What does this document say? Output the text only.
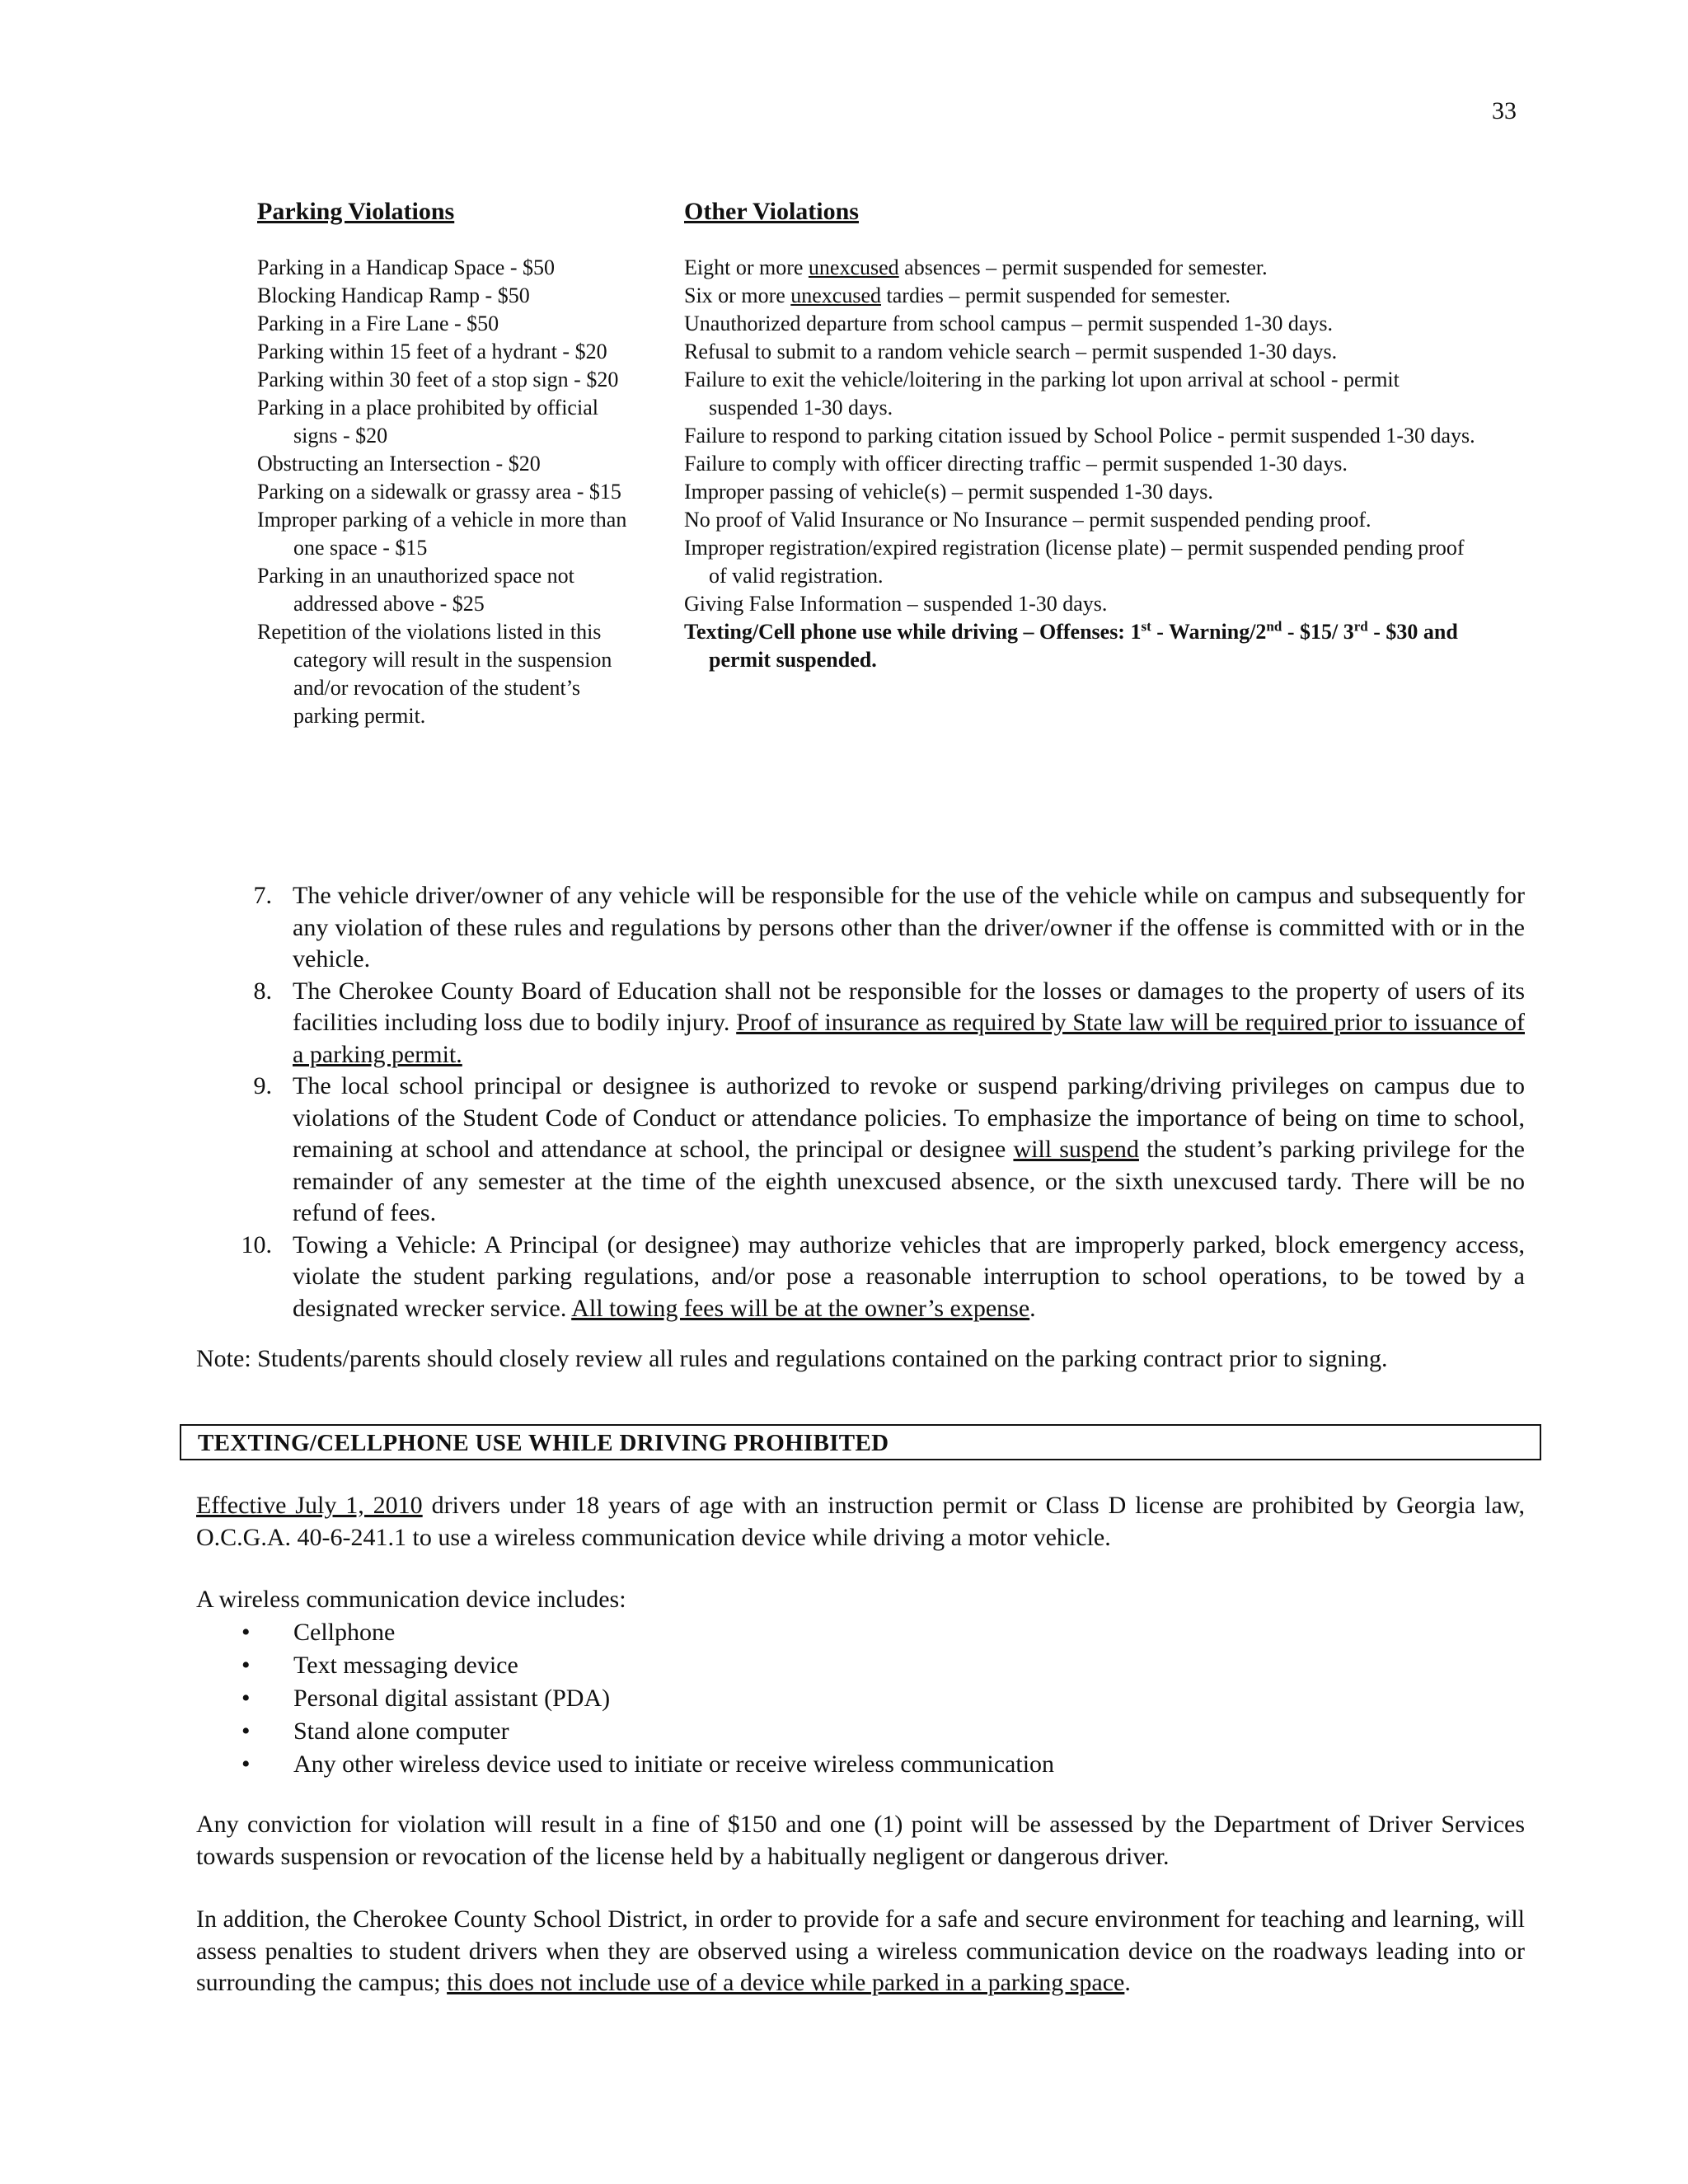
33
Parking Violations
Parking in a Handicap Space - $50
Blocking Handicap Ramp - $50
Parking in a Fire Lane - $50
Parking within 15 feet of a hydrant - $20
Parking within 30 feet of a stop sign - $20
Parking in a place prohibited by official signs - $20
Obstructing an Intersection - $20
Parking on a sidewalk or grassy area - $15
Improper parking of a vehicle in more than one space - $15
Parking in an unauthorized space not addressed above - $25
Repetition of the violations listed in this category will result in the suspension and/or revocation of the student’s parking permit.
Other Violations
Eight or more unexcused absences – permit suspended for semester.
Six or more unexcused tardies – permit suspended for semester.
Unauthorized departure from school campus – permit suspended 1-30 days.
Refusal to submit to a random vehicle search – permit suspended 1-30 days.
Failure to exit the vehicle/loitering in the parking lot upon arrival at school - permit suspended 1-30 days.
Failure to respond to parking citation issued by School Police - permit suspended 1-30 days.
Failure to comply with officer directing traffic – permit suspended 1-30 days.
Improper passing of vehicle(s) – permit suspended 1-30 days.
No proof of Valid Insurance or No Insurance – permit suspended pending proof.
Improper registration/expired registration (license plate) – permit suspended pending proof of valid registration.
Giving False Information – suspended 1-30 days.
Texting/Cell phone use while driving – Offenses: 1st - Warning/2nd - $15/ 3rd - $30 and permit suspended.
7. The vehicle driver/owner of any vehicle will be responsible for the use of the vehicle while on campus and subsequently for any violation of these rules and regulations by persons other than the driver/owner if the offense is committed with or in the vehicle.
8. The Cherokee County Board of Education shall not be responsible for the losses or damages to the property of users of its facilities including loss due to bodily injury. Proof of insurance as required by State law will be required prior to issuance of a parking permit.
9. The local school principal or designee is authorized to revoke or suspend parking/driving privileges on campus due to violations of the Student Code of Conduct or attendance policies. To emphasize the importance of being on time to school, remaining at school and attendance at school, the principal or designee will suspend the student’s parking privilege for the remainder of any semester at the time of the eighth unexcused absence, or the sixth unexcused tardy. There will be no refund of fees.
10. Towing a Vehicle: A Principal (or designee) may authorize vehicles that are improperly parked, block emergency access, violate the student parking regulations, and/or pose a reasonable interruption to school operations, to be towed by a designated wrecker service. All towing fees will be at the owner’s expense.
Note: Students/parents should closely review all rules and regulations contained on the parking contract prior to signing.
TEXTING/CELLPHONE USE WHILE DRIVING PROHIBITED

Effective July 1, 2010 drivers under 18 years of age with an instruction permit or Class D license are prohibited by Georgia law, O.C.G.A. 40-6-241.1 to use a wireless communication device while driving a motor vehicle.

A wireless communication device includes:

• Cellphone
• Text messaging device
• Personal digital assistant (PDA)
• Stand alone computer
• Any other wireless device used to initiate or receive wireless communication

Any conviction for violation will result in a fine of $150 and one (1) point will be assessed by the Department of Driver Services towards suspension or revocation of the license held by a habitually negligent or dangerous driver.

In addition, the Cherokee County School District, in order to provide for a safe and secure environment for teaching and learning, will assess penalties to student drivers when they are observed using a wireless communication device on the roadways leading into or surrounding the campus; this does not include use of a device while parked in a parking space.
